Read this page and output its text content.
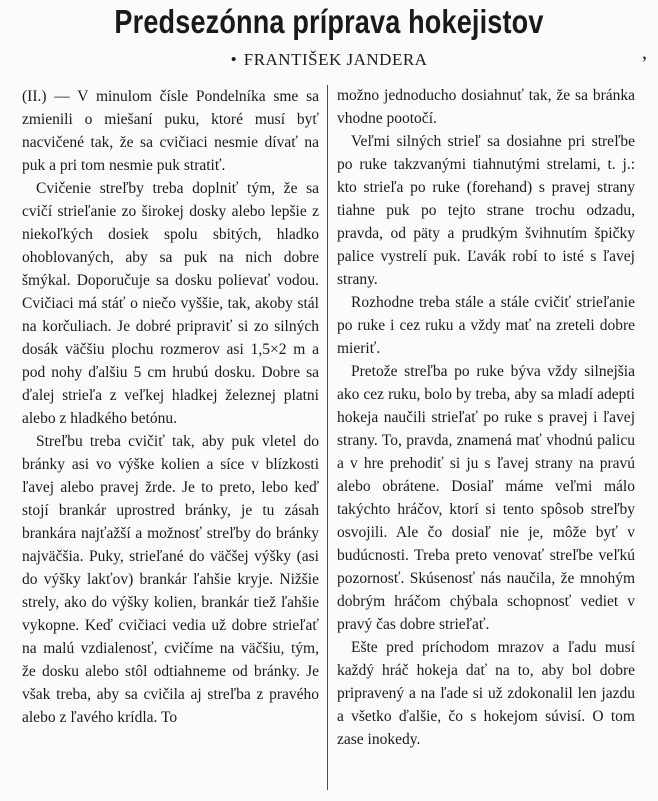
Predsezónna príprava hokejistov
• FRANTIŠEK JANDERA	ʼ

(II.) — V minulom čísle Pondelníka sme sa zmienili o miešaní puku, ktoré musí byť nacvičené tak, že sa cvičiaci nesmie dívať na puk a pri tom nesmie puk stratiť.

Cvičenie streľby treba doplniť tým, že sa cvičí strieľanie zo širokej dosky alebo lepšie z niekoľkých dosiek spolu sbitých, hladko ohoblovaných, aby sa puk na nich dobre šmýkal. Doporučuje sa dosku polievať vodou. Cvičiaci má stáť o niečo vyššie, tak, akoby stál na korčuliach. Je dobré pripraviť si zo silných dosák väčšiu plochu rozmerov asi 1,5×2 m a pod nohy ďalšiu 5 cm hrubú dosku. Dobre sa ďalej strieľa z veľkej hladkej železnej platni alebo z hladkého betónu.

Streľbu treba cvičiť tak, aby puk vletel do bránky asi vo výške kolien a síce v blízkosti ľavej alebo pravej žrde. Je to preto, lebo keď stojí brankár uprostred bránky, je tu zásah brankára najťažší a možnosť streľby do bránky najväčšia. Puky, strieľané do väčšej výšky (asi do výšky lakťov) brankár ľahšie kryje. Nižšie strely, ako do výšky kolien, brankár tiež ľahšie vykopne. Keď cvičiaci vedia už dobre strieľať na malú vzdialenosť, cvičíme na väčšiu, tým, že dosku alebo stôl odtiahneme od bránky. Je však treba, aby sa cvičila aj streľba z pravého alebo z ľavého krídla. To

možno jednoducho dosiahnuť tak, že sa bránka vhodne pootočí.

Veľmi silných strieľ sa dosiahne pri streľbe po ruke takzvanými tiahnutými strelami, t. j.: kto strieľa po ruke (forehand) s pravej strany tiahne puk po tejto strane trochu odzadu, pravda, od päty a prudkým švihnutím špičky palice vystrelí puk. Ľavák robí to isté s ľavej strany.

Rozhodne treba stále a stále cvičiť strieľanie po ruke i cez ruku a vždy mať na zreteli dobre mieriť.

Pretože streľba po ruke býva vždy silnejšia ako cez ruku, bolo by treba, aby sa mladí adepti hokeja naučili strieľať po ruke s pravej i ľavej strany. To, pravda, znamená mať vhodnú palicu a v hre prehodiť si ju s ľavej strany na pravú alebo obrátene. Dosiaľ máme veľmi málo takýchto hráčov, ktorí si tento spôsob streľby osvojili. Ale čo dosiaľ nie je, môže byť v budúcnosti. Treba preto venovať streľbe veľkú pozornosť. Skúsenosť nás naučila, že mnohým dobrým hráčom chýbala schopnosť vediet v pravý čas dobre strieľať.

Ešte pred príchodom mrazov a ľadu musí každý hráč hokeja dať na to, aby bol dobre pripravený a na ľade si už zdokonalil len jazdu a všetko ďalšie, čo s hokejom súvisí. O tom zase inokedy.
